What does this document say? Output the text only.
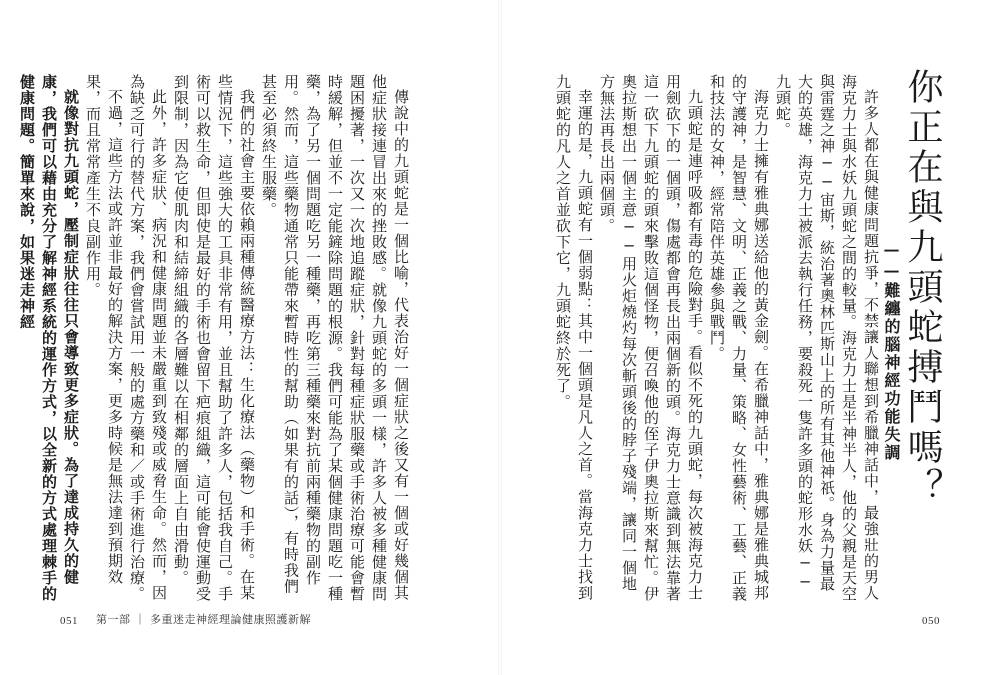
你正在與九頭蛇搏鬥嗎？
——難纏的腦神經功能失調

許多人都在與健康問題抗爭，不禁讓人聯想到希臘神話中，最強壯的男人海克力士與水妖九頭蛇之間的較量。海克力士是半神半人，他的父親是天空與雷霆之神──宙斯，統治著奧林匹斯山上的所有其他神祇。身為力量最大的英雄，海克力士被派去執行任務，要殺死一隻許多頭的蛇形水妖──九頭蛇。

海克力士擁有雅典娜送給他的黃金劍。在希臘神話中，雅典娜是雅典城邦的守護神，是智慧、文明、正義之戰、力量、策略、女性藝術、工藝、正義和技法的女神，經常陪伴英雄參與戰鬥。

九頭蛇是連呼吸都有毒的危險對手。看似不死的九頭蛇，每次被海克力士用劍砍下的一個頭，傷處都會再長出兩個新的頭。海克力士意識到無法靠著這一砍下九頭蛇的頭來擊敗這個怪物，便召喚他的侄子伊奧拉斯來幫忙。伊奧拉斯想出一個主意──用火炬燒灼每次斬頭後的脖子殘端，讓同一個地方無法再長出兩個頭。

幸運的是，九頭蛇有一個弱點：其中一個頭是凡人之首。當海克力士找到九頭蛇的凡人之首並砍下它，九頭蛇終於死了。

050

傳說中的九頭蛇是一個比喻，代表治好一個症狀之後又有一個或好幾個其他症狀接連冒出來的挫敗感。就像九頭蛇的多頭一樣，許多人被多種健康問題困擾著，一次又一次地追蹤症狀，針對每種症狀服藥或手術治療可能會暫時緩解，但並不一定能鏟除問題的根源。我們可能為了某個健康問題吃一種藥，為了另一個問題吃另一種藥，再吃第三種藥來對抗前兩種藥物的副作用。然而，這些藥物通常只能帶來暫時性的幫助（如果有的話），有時我們甚至必須終生服藥。

我們的社會主要依賴兩種傳統醫療方法：生化療法（藥物）和手術。在某些情況下，這些強大的工具非常有用，並且幫助了許多人，包括我自己。手術可以救生命，但即使是最好的手術也會留下疤痕組織，這可能會使運動受到限制，因為它使肌肉和結締組織的各層難以在相鄰的層面上自由滑動。

此外，許多症狀、病況和健康問題並未嚴重到致殘或威脅生命。然而，因為缺乏可行的替代方案，我們會嘗試用一般的處方藥和／或手術進行治療。

不過，這些方法或許並非最好的解決方案，更多時候是無法達到預期效果，而且常常產生不良副作用。

就像對抗九頭蛇，壓制症狀往往只會導致更多症狀。為了達成持久的健康，我們可以藉由充分了解神經系統的運作方式，以全新的方式處理棘手的健康問題。簡單來說，如果迷走神經

051 第一部 ｜ 多重迷走神經理論健康照護新解
